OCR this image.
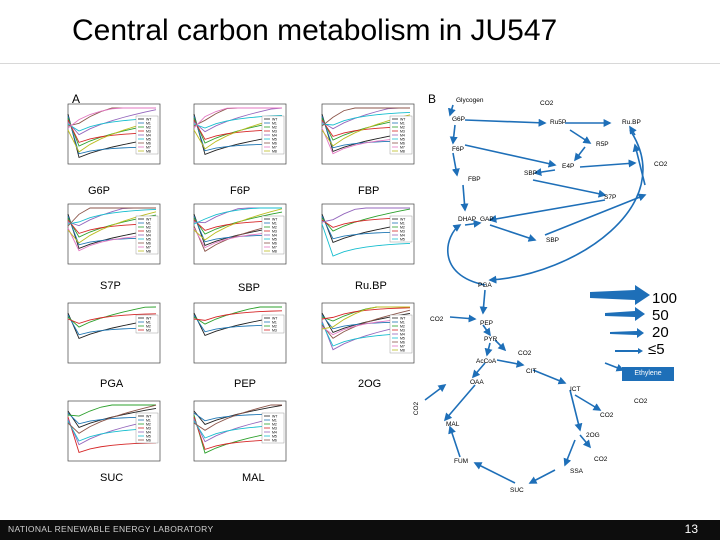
Central carbon metabolism in JU547
A	B
WT
M1
M2
M3
M4
M5
M6
M7
M8
WT
M1
M2
M3
M4
M5
M6
M7
M8
WT
M1
M2
M3
M4
M5
M6
M7
M8
WT
M1
M2
M3
M4
M5
M6
M7
M8
WT
M1
M2
M3
M4
M5
M6
M7
M8
WT
M1
M2
M3
M4
M5
WT
M1
M2
M3
WT
M1
M2
M3
WT
M1
M2
M3
M4
M5
M6
M7
M8
WT
M1
M2
M3
M4
M5
M6
WT
M1
M2
M3
M4
M5
M6
G6P	F6P	FBP
S7P	SBP	Ru.BP
PGA	PEP	2OG
SUC	MAL
Glycogen	CO2
G6P	Ru5P	Ru.BP
R5P
F6P
E4P	CO2
FBP
SBP
S7P
DHAP GAP
SBP
PGA
CO2
PEP
PYR
CO2
AcCoA
CIT
OAA
ICT
CO2
CO2
CO2
MAL
2OG
CO2
FUM
SSA
SUC
Ethylene
100
50
20
≤5
NATIONAL RENEWABLE ENERGY LABORATORY	13
